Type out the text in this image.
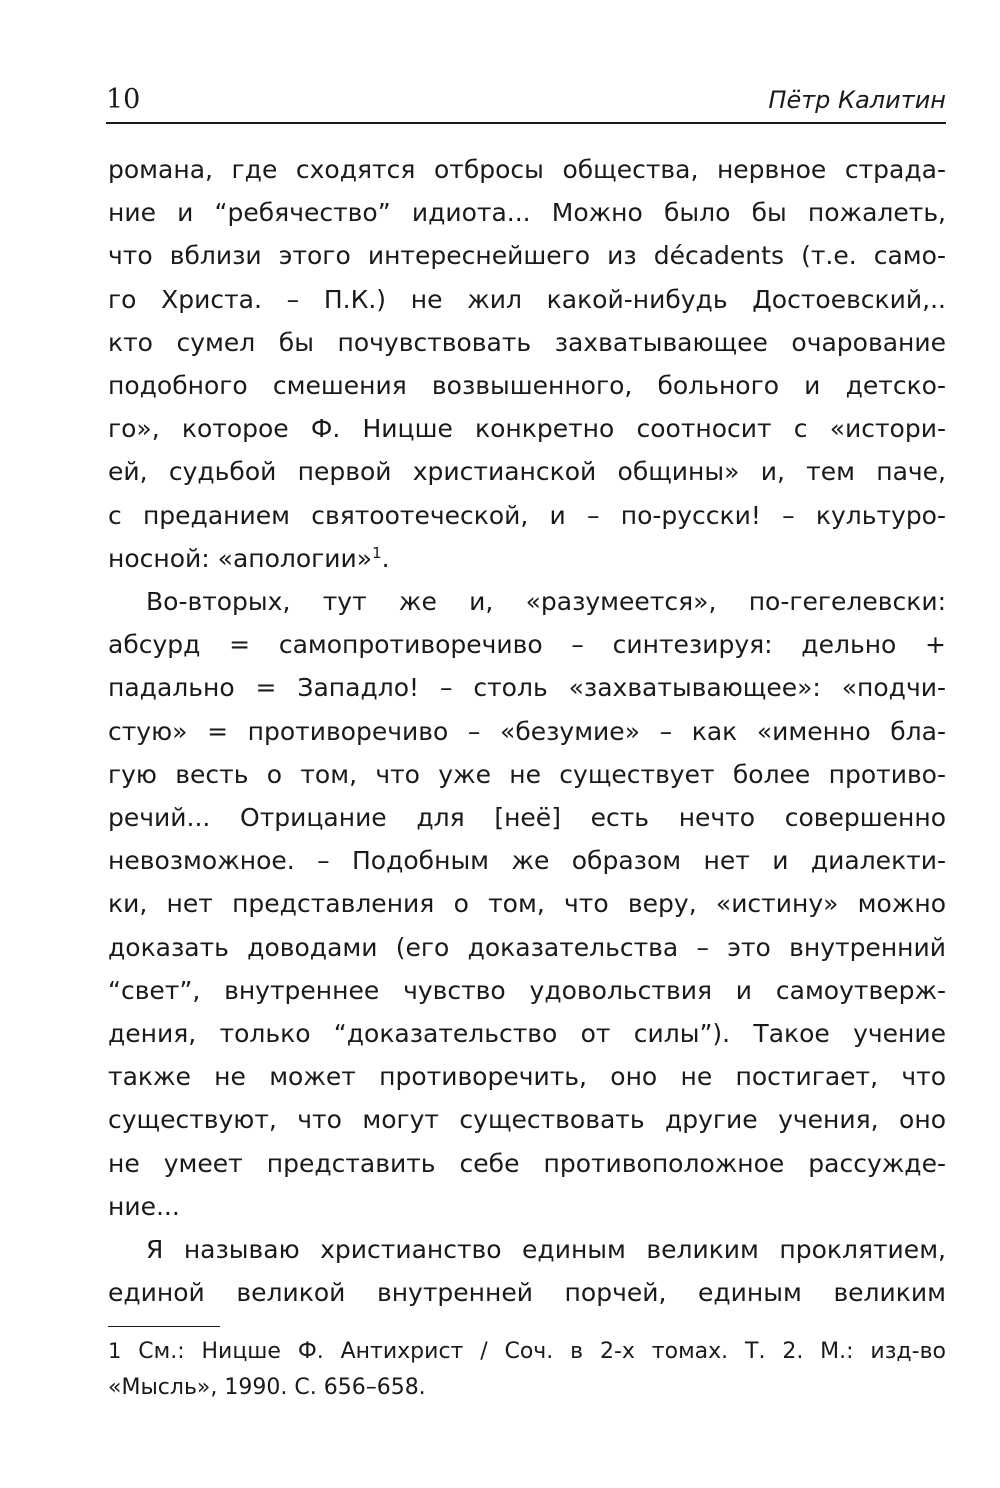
10	Пётр Калитин

романа, где сходятся отбросы общества, нервное страда-
ние и “ребячество” идиота... Можно было бы пожалеть,
что вблизи этого интереснейшего из décadents (т.е. само-
го Христа. – П.К.) не жил какой-нибудь Достоевский,..
кто сумел бы почувствовать захватывающее очарование
подобного смешения возвышенного, больного и детско-
го», которое Ф. Ницше конкретно соотносит с «истори-
ей, судьбой первой христианской общины» и, тем паче,
с преданием святоотеческой, и – по-русски! – культуро-
носной: «апологии»$^1$.

Во-вторых, тут же и, «разумеется», по-гегелевски:
абсурд = самопротиворечиво – синтезируя: дельно +
падально = Западло! – столь «захватывающее»: «подчи-
стую» = противоречиво – «безумие» – как «именно бла-
гую весть о том, что уже не существует более противо-
речий... Отрицание для [неё] есть нечто совершенно
невозможное. – Подобным же образом нет и диалекти-
ки, нет представления о том, что веру, «истину» можно
доказать доводами (его доказательства – это внутренний
“свет”, внутреннее чувство удовольствия и самоутверж-
дения, только “доказательство от силы”). Такое учение
также не может противоречить, оно не постигает, что
существуют, что могут существовать другие учения, оно
не умеет представить себе противоположное рассужде-
ние...

Я называю христианство единым великим проклятием,
единой великой внутренней порчей, единым великим

1 См.: Ницше Ф. Антихрист / Соч. в 2-х томах. Т. 2. М.: изд-во
«Мысль», 1990. С. 656–658.
